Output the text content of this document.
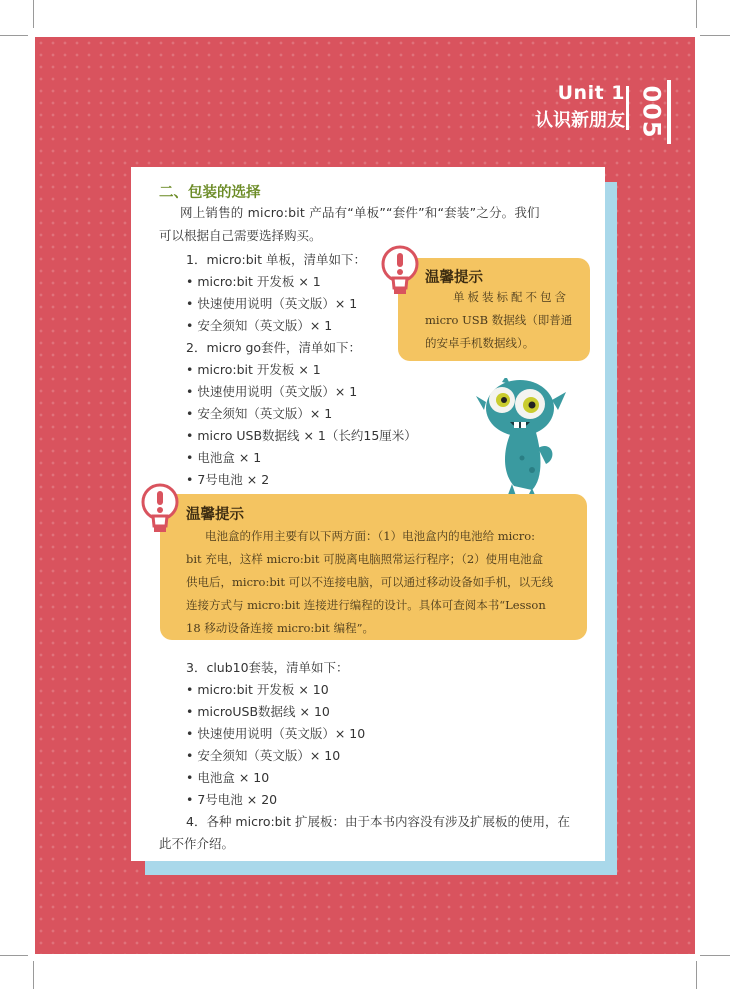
Unit 1
认识新朋友 005
二、包装的选择
网上销售的 micro:bit 产品有“单板”“套件”和“套装”之分。我们
可以根据自己需要选择购买。
1．micro:bit 单板，清单如下：
• micro:bit 开发板 × 1
• 快速使用说明（英文版）× 1
• 安全须知（英文版）× 1
2．micro go套件，清单如下：
• micro:bit 开发板 × 1
• 快速使用说明（英文版）× 1
• 安全须知（英文版）× 1
• micro USB数据线 × 1（长约15厘米）
• 电池盒 × 1
• 7号电池 × 2
温馨提示
单板装标配不包含
micro USB 数据线（即普通
的安卓手机数据线）。
温馨提示
电池盒的作用主要有以下两方面：（1）电池盒内的电池给 micro:
bit 充电，这样 micro:bit 可脱离电脑照常运行程序；（2）使用电池盒
供电后，micro:bit 可以不连接电脑，可以通过移动设备如手机，以无线
连接方式与 micro:bit 连接进行编程的设计。具体可查阅本书“Lesson
18 移动设备连接 micro:bit 编程”。
3．club10套装，清单如下：
• micro:bit 开发板 × 10
• microUSB数据线 × 10
• 快速使用说明（英文版）× 10
• 安全须知（英文版）× 10
• 电池盒 × 10
• 7号电池 × 20
4．各种 micro:bit 扩展板：由于本书内容没有涉及扩展板的使用，在
此不作介绍。
